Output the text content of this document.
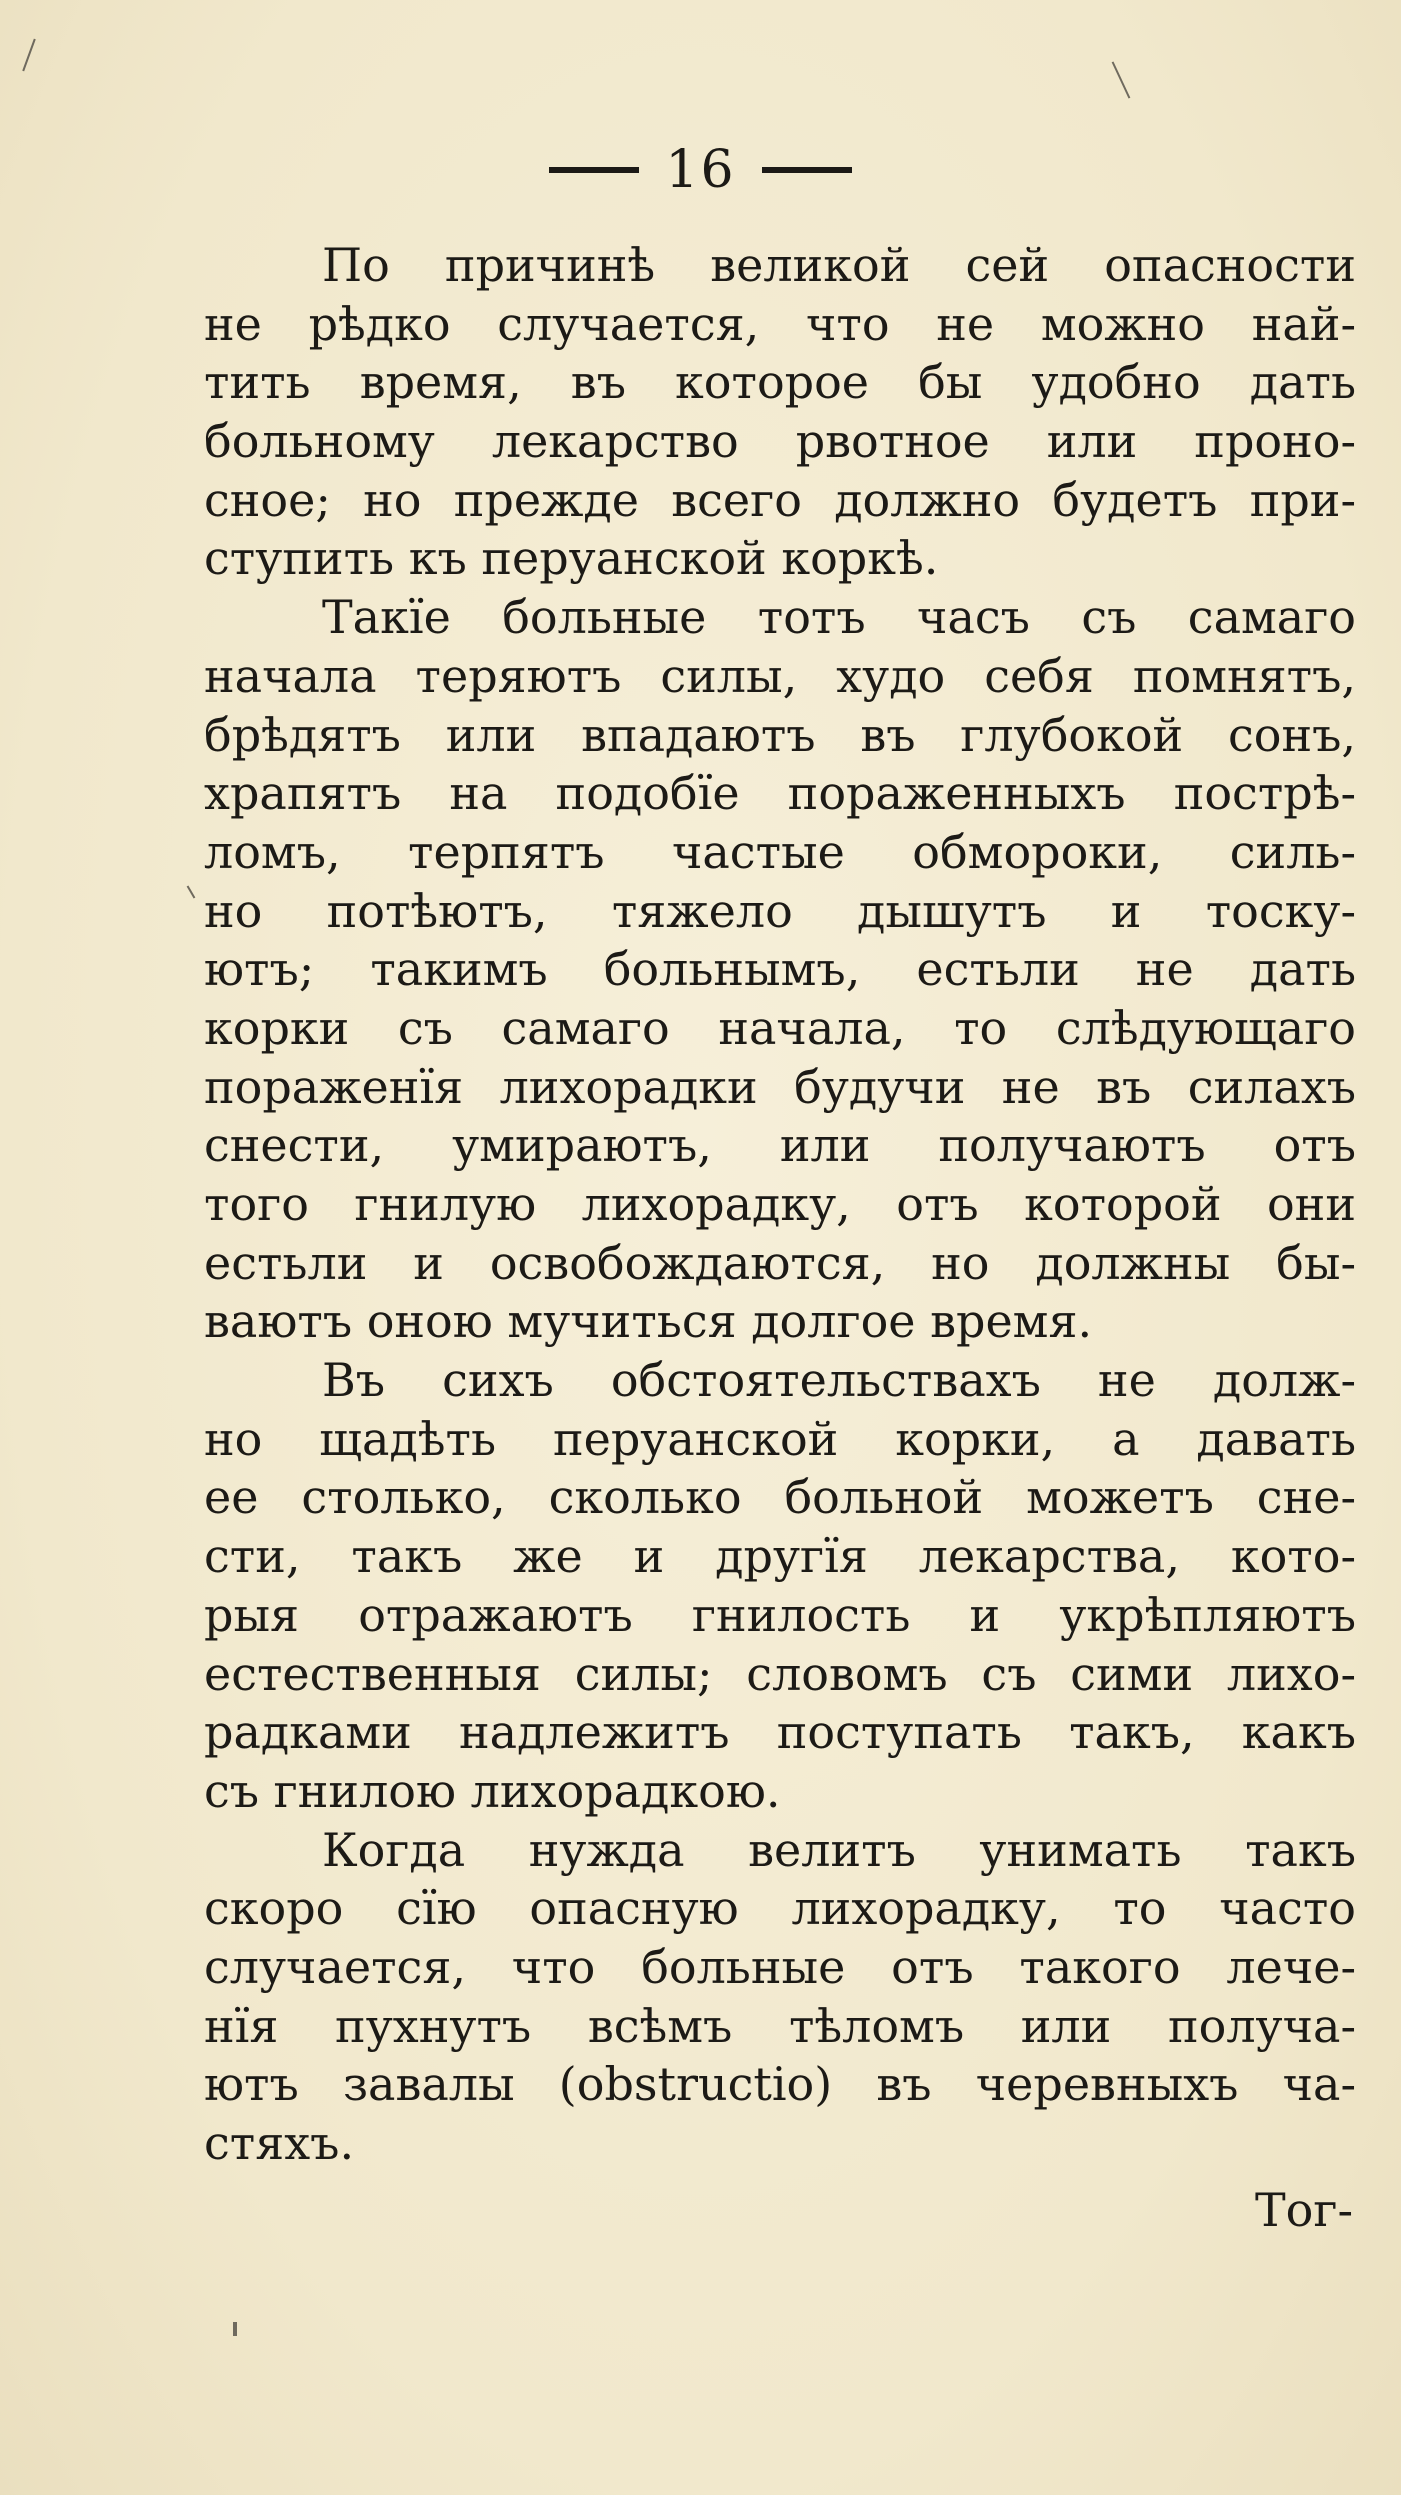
16
По причинѣ великой сей опасности
не рѣдко случается, что не можно най-
тить время, въ которое бы удобно дать
больному лекарство рвотное или проно-
сное; но прежде всего должно будетъ при-
ступить къ перуанской коркѣ.
Такїе больные тотъ часъ съ самаго
начала теряютъ силы, худо себя помнятъ,
брѣдятъ или впадаютъ въ глубокой сонъ,
храпятъ на подобїе пораженныхъ пострѣ-
ломъ, терпятъ частые обмороки, силь-
но потѣютъ, тяжело дышутъ и тоску-
ютъ; такимъ больнымъ, естьли не дать
корки съ самаго начала, то слѣдующаго
пораженїя лихорадки будучи не въ силахъ
снести, умираютъ, или получаютъ отъ
того гнилую лихорадку, отъ которой они
естьли и освобождаются, но должны бы-
ваютъ оною мучиться долгое время.
Въ сихъ обстоятельствахъ не долж-
но щадѣть перуанской корки, а давать
ее столько, сколько больной можетъ сне-
сти, такъ же и другїя лекарства, кото-
рыя отражаютъ гнилость и укрѣпляютъ
естественныя силы; словомъ съ сими лихо-
радками надлежитъ поступать такъ, какъ
съ гнилою лихорадкою.
Когда нужда велитъ унимать такъ
скоро сїю опасную лихорадку, то часто
случается, что больные отъ такого лече-
нїя пухнутъ всѣмъ тѣломъ или получа-
ютъ завалы (obstructio) въ черевныхъ ча-
стяхъ.
Тог-
